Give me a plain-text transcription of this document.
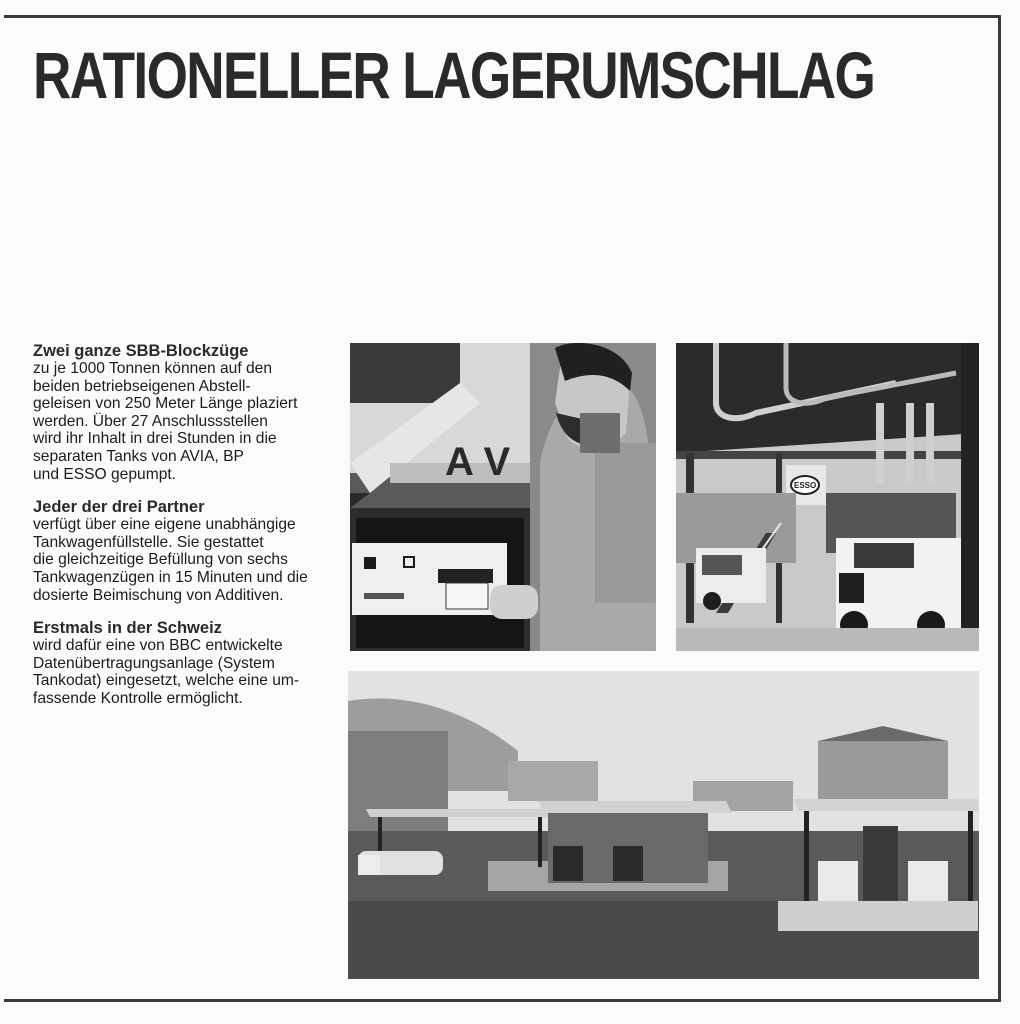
RATIONELLER LAGERUMSCHLAG
Zwei ganze SBB-Blockzüge
zu je 1000 Tonnen können auf den
beiden betriebseigenen Abstell-
geleisen von 250 Meter Länge plaziert
werden. Über 27 Anschlussstellen
wird ihr Inhalt in drei Stunden in die
separaten Tanks von AVIA, BP
und ESSO gepumpt.
Jeder der drei Partner
verfügt über eine eigene unabhängige
Tankwagenfüllstelle. Sie gestattet
die gleichzeitige Befüllung von sechs
Tankwagenzügen in 15 Minuten und die
dosierte Beimischung von Additiven.
Erstmals in der Schweiz
wird dafür eine von BBC entwickelte
Datenübertragungsanlage (System
Tankodat) eingesetzt, welche eine um-
fassende Kontrolle ermöglicht.
A V
ESSO
